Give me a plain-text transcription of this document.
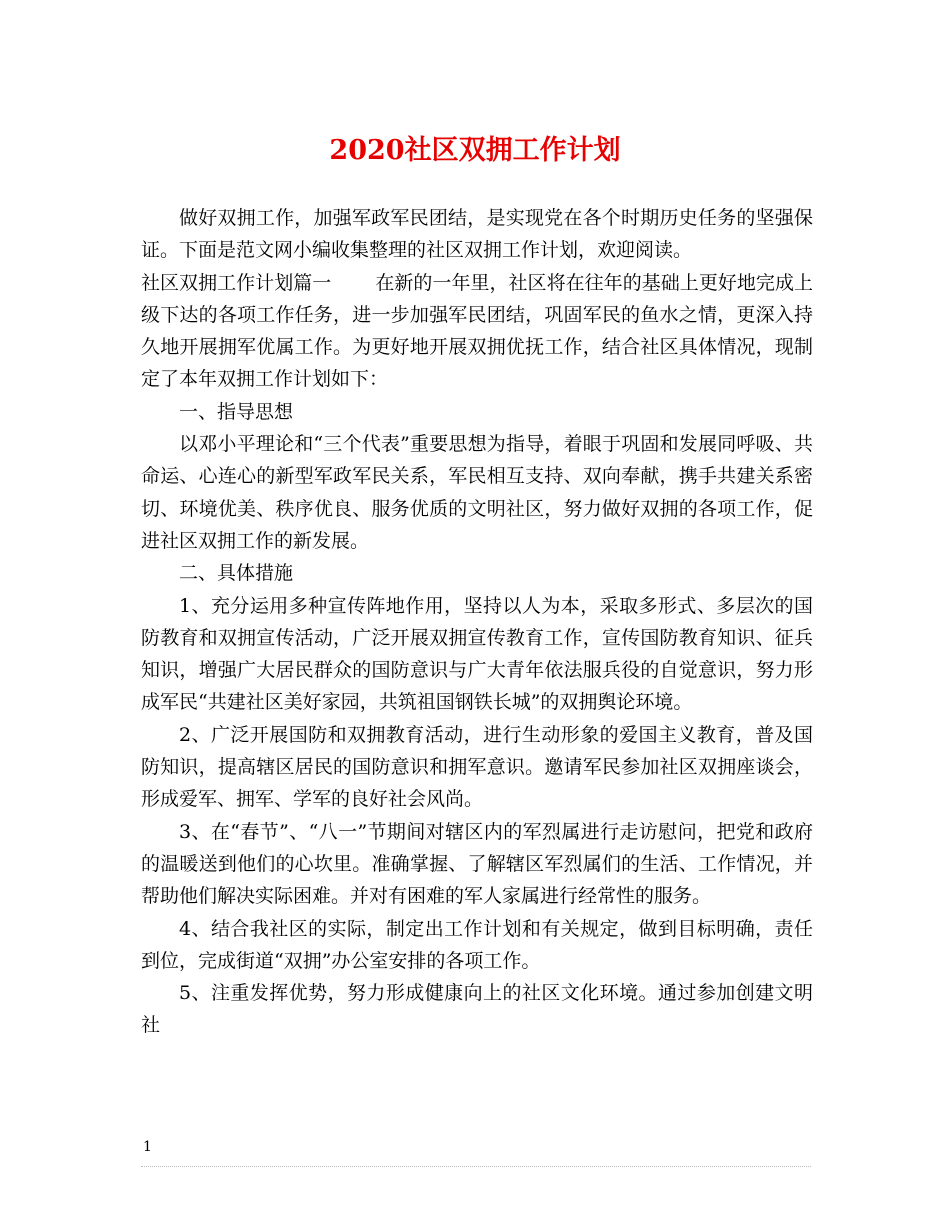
2020社区双拥工作计划

做好双拥工作，加强军政军民团结，是实现党在各个时期历史任务的坚强保证。下面是范文网小编收集整理的社区双拥工作计划，欢迎阅读。

社区双拥工作计划篇一 在新的一年里，社区将在往年的基础上更好地完成上级下达的各项工作任务，进一步加强军民团结，巩固军民的鱼水之情，更深入持久地开展拥军优属工作。为更好地开展双拥优抚工作，结合社区具体情况，现制定了本年双拥工作计划如下：

一、指导思想

以邓小平理论和“三个代表”重要思想为指导，着眼于巩固和发展同呼吸、共命运、心连心的新型军政军民关系，军民相互支持、双向奉献，携手共建关系密切、环境优美、秩序优良、服务优质的文明社区，努力做好双拥的各项工作，促进社区双拥工作的新发展。

二、具体措施

1、充分运用多种宣传阵地作用，坚持以人为本，采取多形式、多层次的国防教育和双拥宣传活动，广泛开展双拥宣传教育工作，宣传国防教育知识、征兵知识，增强广大居民群众的国防意识与广大青年依法服兵役的自觉意识，努力形成军民“共建社区美好家园，共筑祖国钢铁长城”的双拥舆论环境。

2、广泛开展国防和双拥教育活动，进行生动形象的爱国主义教育，普及国防知识，提高辖区居民的国防意识和拥军意识。邀请军民参加社区双拥座谈会，形成爱军、拥军、学军的良好社会风尚。

3、在“春节”、“八一”节期间对辖区内的军烈属进行走访慰问，把党和政府的温暖送到他们的心坎里。准确掌握、了解辖区军烈属们的生活、工作情况，并帮助他们解决实际困难。并对有困难的军人家属进行经常性的服务。

4、结合我社区的实际，制定出工作计划和有关规定，做到目标明确，责任到位，完成街道“双拥”办公室安排的各项工作。

5、注重发挥优势，努力形成健康向上的社区文化环境。通过参加创建文明社

1
